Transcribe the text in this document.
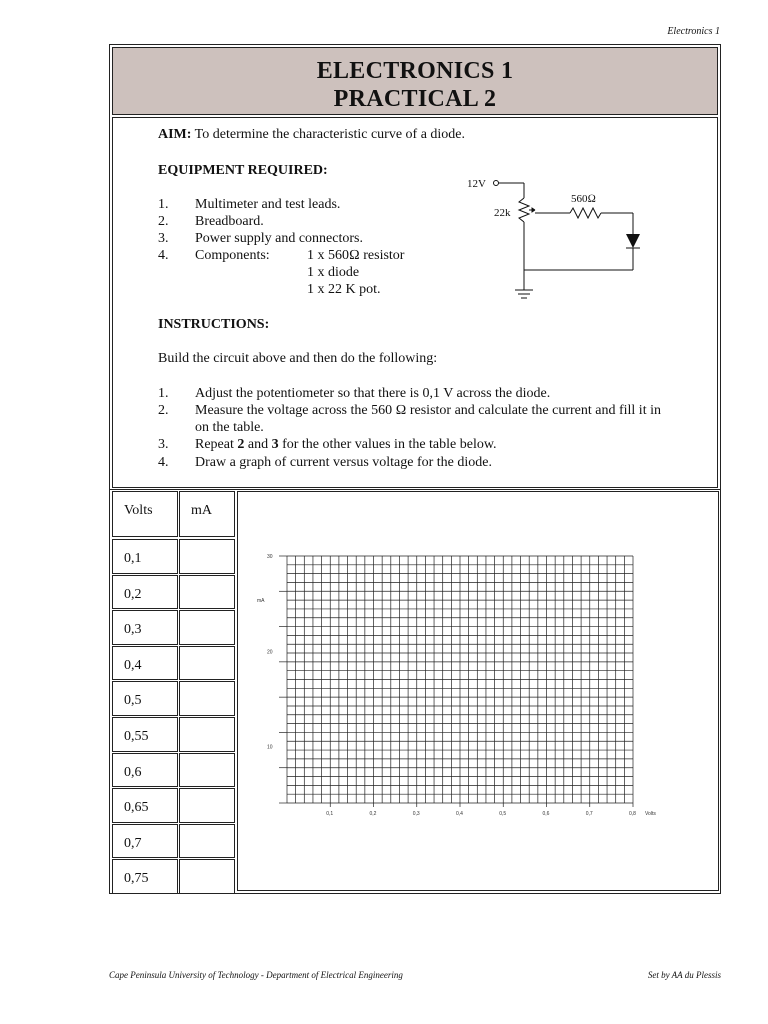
Electronics 1
ELECTRONICS 1
PRACTICAL 2
AIM: To determine the characteristic curve of a diode.
EQUIPMENT REQUIRED:
1. Multimeter and test leads.
2. Breadboard.
3. Power supply and connectors.
4. Components:	1 x 560Ω resistor
1 x diode
1 x 22 K pot.
12V
22k
560Ω
INSTRUCTIONS:
Build the circuit above and then do the following:
1. Adjust the potentiometer so that there is 0,1 V across the diode.
2. Measure the voltage across the 560 Ω resistor and calculate the current and fill it in
on the table.
3. Repeat 2 and 3 for the other values in the table below.
4. Draw a graph of current versus voltage for the diode.
Volts	mA
0,1
0,2
0,3
0,4
0,5
0,55
0,6
0,65
0,7
0,75
30
20
10
mA
0,1	0,2	0,3	0,4	0,5	0,6	0,7	0,8 Volts
Cape Peninsula University of Technology - Department of Electrical Engineering	Set by AA du Plessis
